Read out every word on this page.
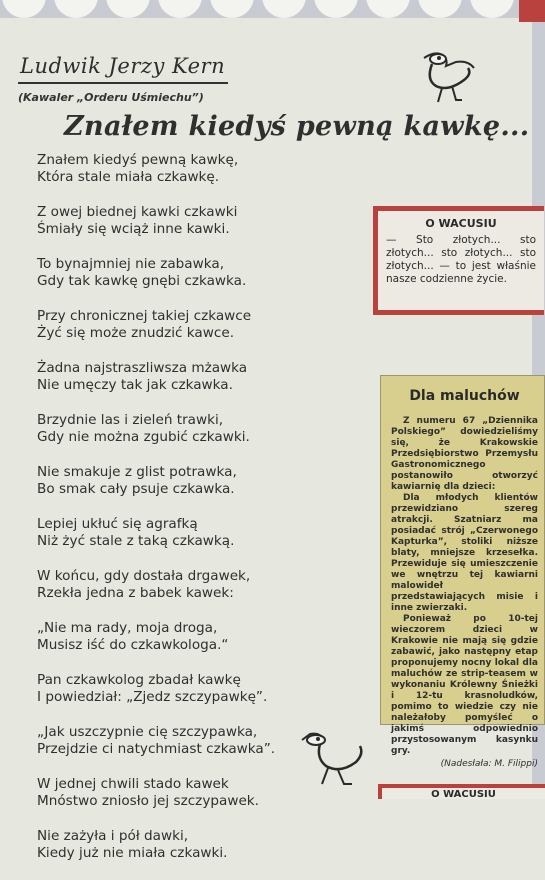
Ludwik Jerzy Kern
(Kawaler „Orderu Uśmiechu”)
Znałem kiedyś pewną kawkę...
Znałem kiedyś pewną kawkę,
Która stale miała czkawkę.
Z owej biednej kawki czkawki
Śmiały się wciąż inne kawki.
To bynajmniej nie zabawka,
Gdy tak kawkę gnębi czkawka.
Przy chronicznej takiej czkawce
Żyć się może znudzić kawce.
Żadna najstraszliwsza mżawka
Nie umęczy tak jak czkawka.
Brzydnie las i zieleń trawki,
Gdy nie można zgubić czkawki.
Nie smakuje z glist potrawka,
Bo smak cały psuje czkawka.
Lepiej ukłuć się agrafką
Niż żyć stale z taką czkawką.
W końcu, gdy dostała drgawek,
Rzekła jedna z babek kawek:
„Nie ma rady, moja droga,
Musisz iść do czkawkologa.“
Pan czkawkolog zbadał kawkę
I powiedział: „Zjedz szczypawkę”.
„Jak uszczypnie cię szczypawka,
Przejdzie ci natychmiast czkawka”.
W jednej chwili stado kawek
Mnóstwo zniosło jej szczypawek.
Nie zażyła i pół dawki,
Kiedy już nie miała czkawki.
O WACUSIU
— Sto złotych... sto złotych... sto złotych... sto złotych... — to jest właśnie nasze codzienne życie.
Dla maluchów

Z numeru 67 „Dziennika Polskiego” dowiedzieliśmy się, że Krakowskie Przedsiębiorstwo Przemysłu Gastronomicznego postanowiło otworzyć kawiarnię dla dzieci:

Dla młodych klientów przewidziano szereg atrakcji. Szatniarz ma posiadać strój „Czerwonego Kapturka”, stoliki niższe blaty, mniejsze krzesełka. Przewiduje się umieszczenie we wnętrzu tej kawiarni malowideł przedstawiających misie i inne zwierzaki.

Ponieważ po 10-tej wieczorem dzieci w Krakowie nie mają się gdzie zabawić, jako następny etap proponujemy nocny lokal dla maluchów ze strip-teasem w wykonaniu Królewny Śnieżki i 12-tu krasnoludków, pomimo to wiedzie czy nie należałoby pomyśleć o jakimś odpowiednio przystosowanym kasynku gry.

(Nadesłała: M. Filippi)
O WACUSIU
